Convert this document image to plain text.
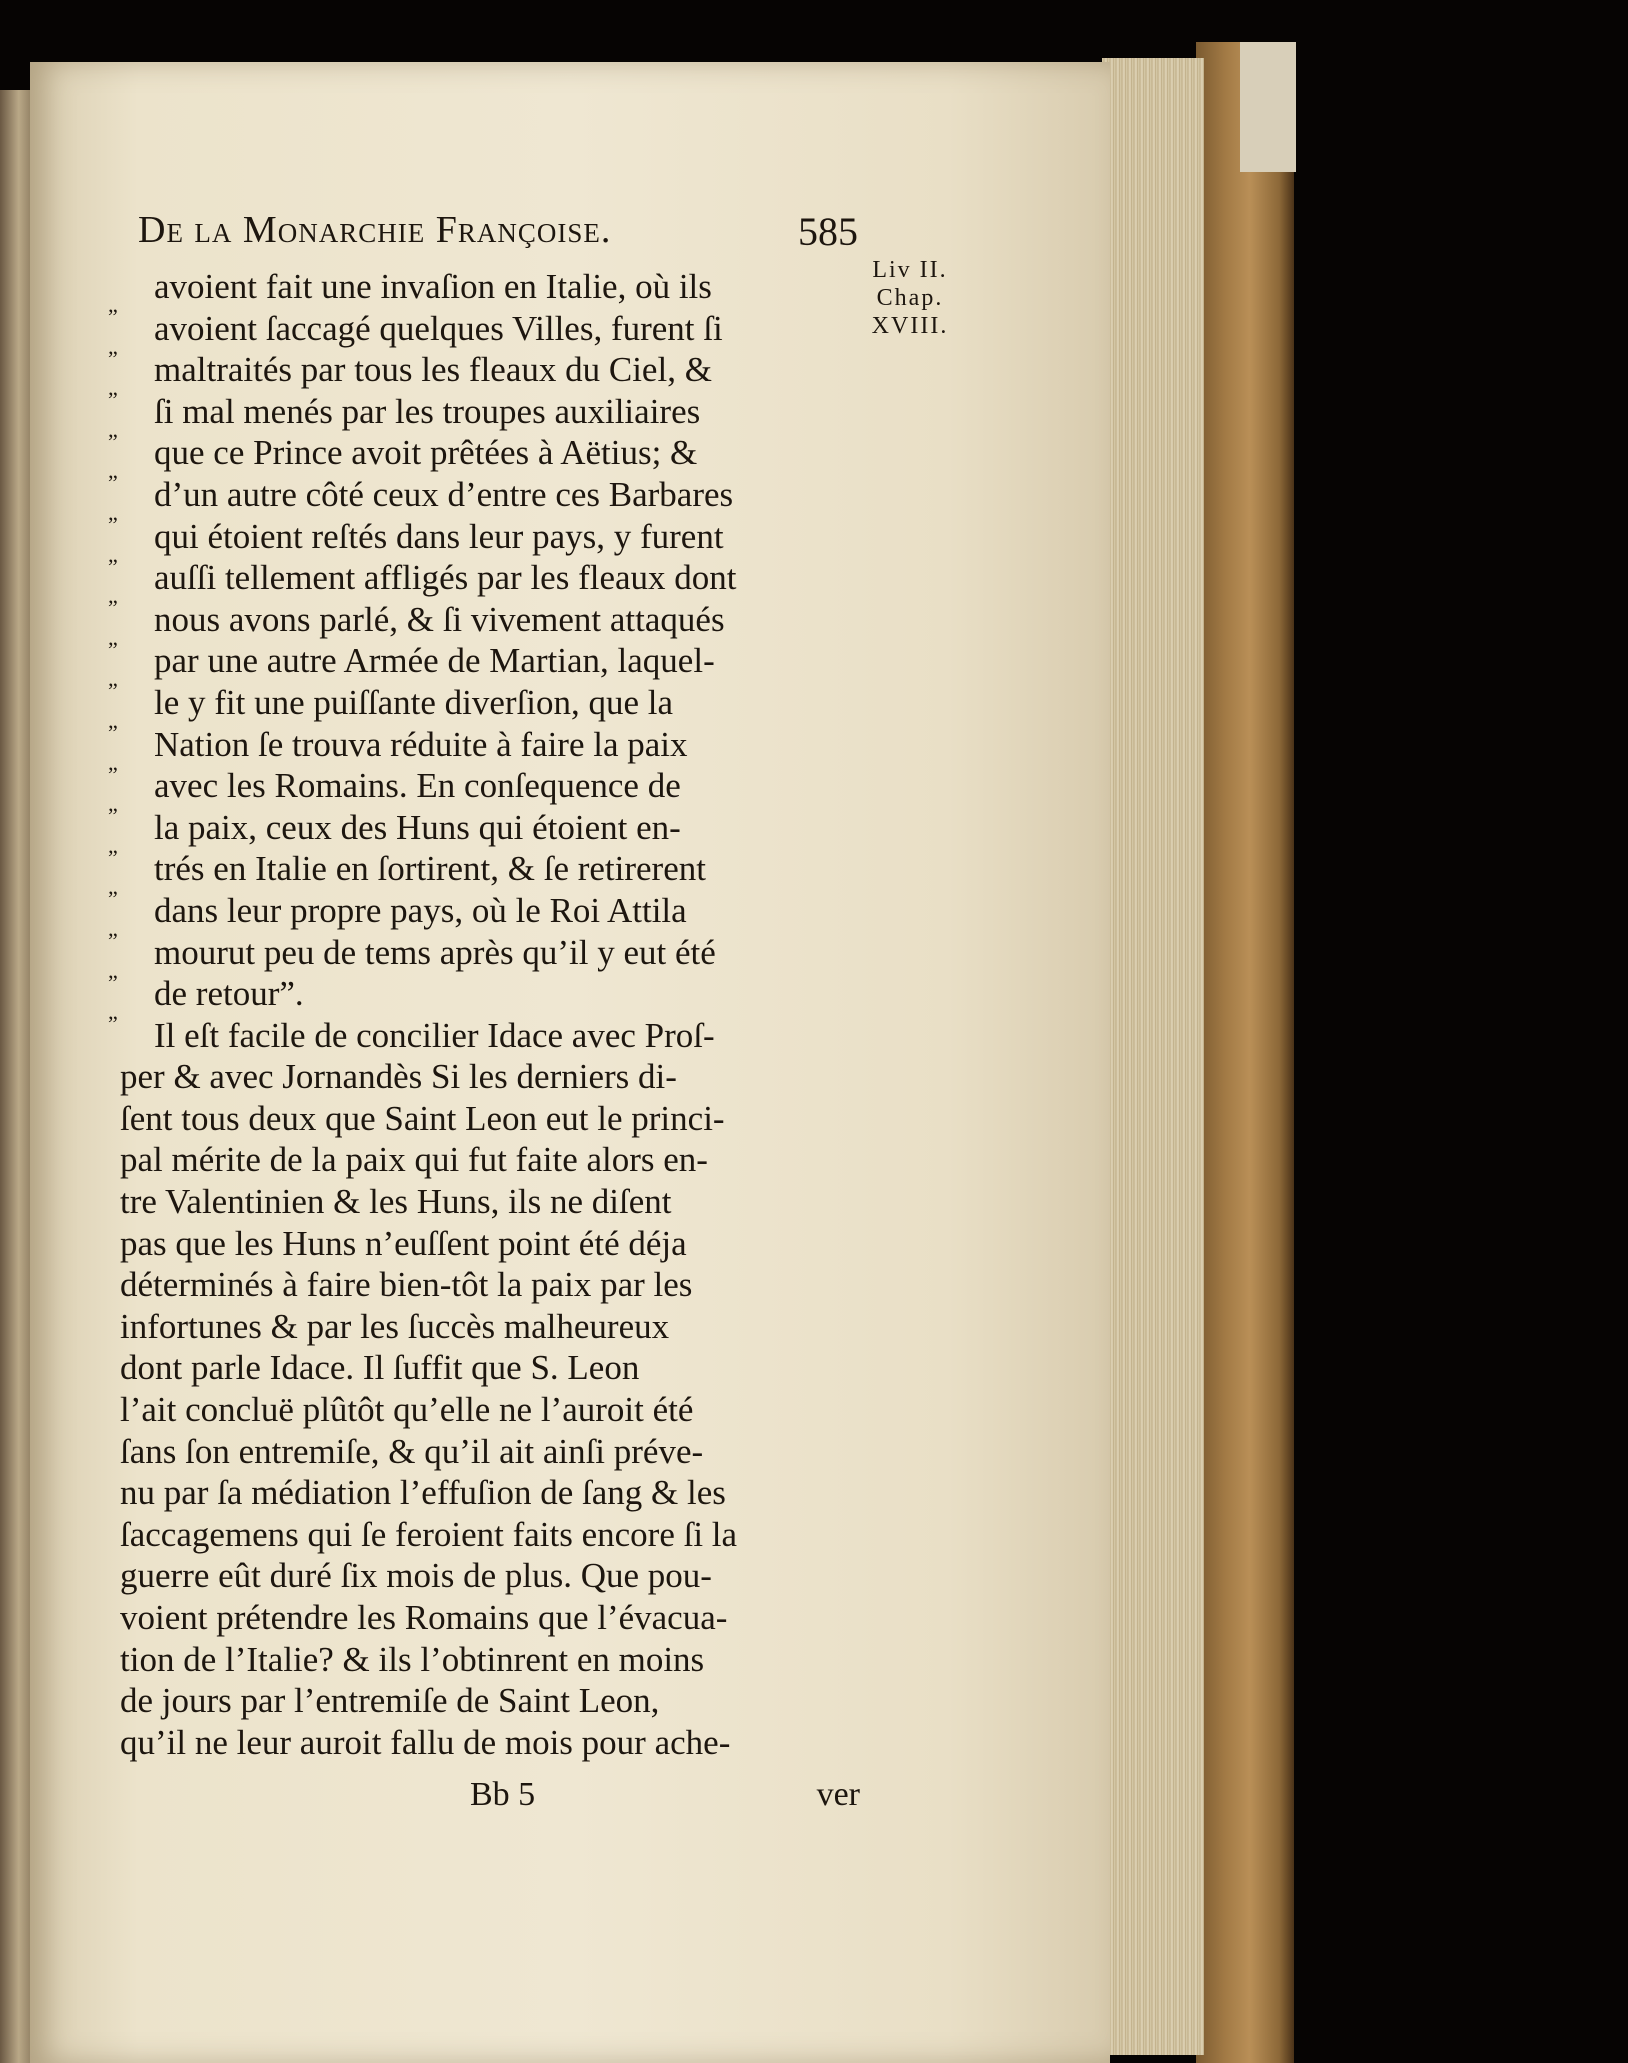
De la Monarchie Françoise.	585
Liv II.
Chap.
XVIII.
„
„
„
„
„
„
„
„
„
„
„
„
„
„
„
„
„
„
avoient fait une invaſion en Italie, où ils
avoient ſaccagé quelques Villes, furent ſi
maltraités par tous les fleaux du Ciel, &
ſi mal menés par les troupes auxiliaires
que ce Prince avoit prêtées à Aëtius; &
d’un autre côté ceux d’entre ces Barbares
qui étoient reſtés dans leur pays, y furent
auſſi tellement affligés par les fleaux dont
nous avons parlé, & ſi vivement attaqués
par une autre Armée de Martian, laquel-
le y fit une puiſſante diverſion, que la
Nation ſe trouva réduite à faire la paix
avec les Romains. En conſequence de
la paix, ceux des Huns qui étoient en-
trés en Italie en ſortirent, & ſe retirerent
dans leur propre pays, où le Roi Attila
mourut peu de tems après qu’il y eut été
de retour”.
Il eſt facile de concilier Idace avec Proſ-
per & avec Jornandès Si les derniers di-
ſent tous deux que Saint Leon eut le princi-
pal mérite de la paix qui fut faite alors en-
tre Valentinien & les Huns, ils ne diſent
pas que les Huns n’euſſent point été déja
déterminés à faire bien-tôt la paix par les
infortunes & par les ſuccès malheureux
dont parle Idace. Il ſuffit que S. Leon
l’ait concluë plûtôt qu’elle ne l’auroit été
ſans ſon entremiſe, & qu’il ait ainſi préve-
nu par ſa médiation l’effuſion de ſang & les
ſaccagemens qui ſe feroient faits encore ſi la
guerre eût duré ſix mois de plus. Que pou-
voient prétendre les Romains que l’évacua-
tion de l’Italie? & ils l’obtinrent en moins
de jours par l’entremiſe de Saint Leon,
qu’il ne leur auroit fallu de mois pour ache-
Bb 5	ver
